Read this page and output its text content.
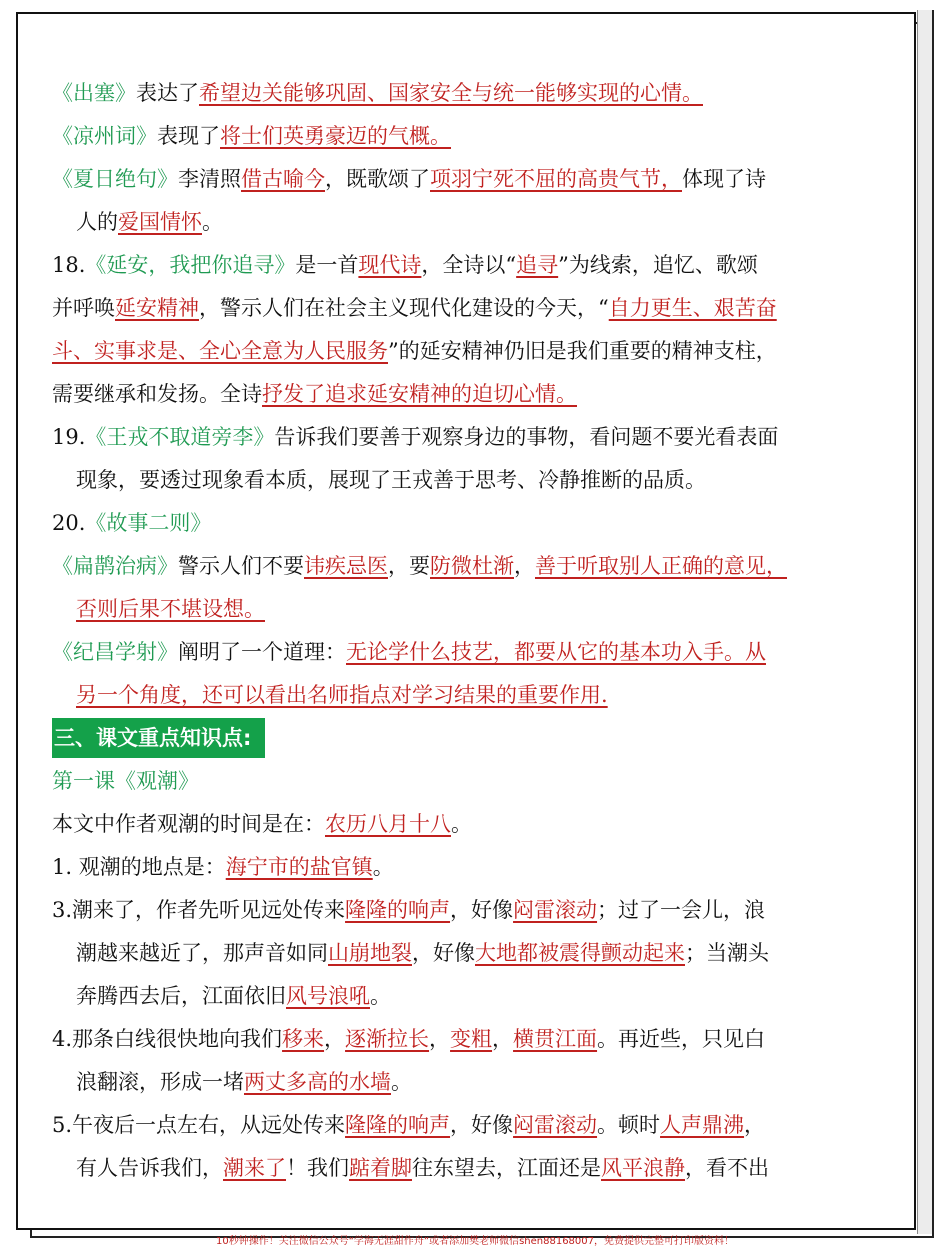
《出塞》表达了希望边关能够巩固、国家安全与统一能够实现的心情。
《凉州词》表现了将士们英勇豪迈的气概。
《夏日绝句》李清照借古喻今，既歌颂了项羽宁死不屈的高贵气节，体现了诗
人的爱国情怀。
18.《延安，我把你追寻》是一首现代诗，全诗以“追寻”为线索，追忆、歌颂
并呼唤延安精神，警示人们在社会主义现代化建设的今天，“自力更生、艰苦奋
斗、实事求是、全心全意为人民服务”的延安精神仍旧是我们重要的精神支柱，
需要继承和发扬。全诗抒发了追求延安精神的迫切心情。
19.《王戎不取道旁李》告诉我们要善于观察身边的事物，看问题不要光看表面
现象，要透过现象看本质，展现了王戎善于思考、冷静推断的品质。
20.《故事二则》
《扁鹊治病》警示人们不要讳疾忌医，要防微杜渐，善于听取别人正确的意见，
否则后果不堪设想。
《纪昌学射》阐明了一个道理：无论学什么技艺，都要从它的基本功入手。从
另一个角度，还可以看出名师指点对学习结果的重要作用.
三、课文重点知识点:
第一课《观潮》
本文中作者观潮的时间是在：农历八月十八。
1. 观潮的地点是：海宁市的盐官镇。
3.潮来了，作者先听见远处传来隆隆的响声，好像闷雷滚动；过了一会儿，浪
潮越来越近了，那声音如同山崩地裂，好像大地都被震得颤动起来；当潮头
奔腾西去后，江面依旧风号浪吼。
4.那条白线很快地向我们移来，逐渐拉长，变粗，横贯江面。再近些，只见白
浪翻滚，形成一堵两丈多高的水墙。
5.午夜后一点左右，从远处传来隆隆的响声，好像闷雷滚动。顿时人声鼎沸，
有人告诉我们，潮来了！我们踮着脚往东望去，江面还是风平浪静，看不出
10秒钟操作！关注微信公众号“学海无涯甜作舟”或者添加樊老师微信shen88168007，免费提供完整可打印版资料！
